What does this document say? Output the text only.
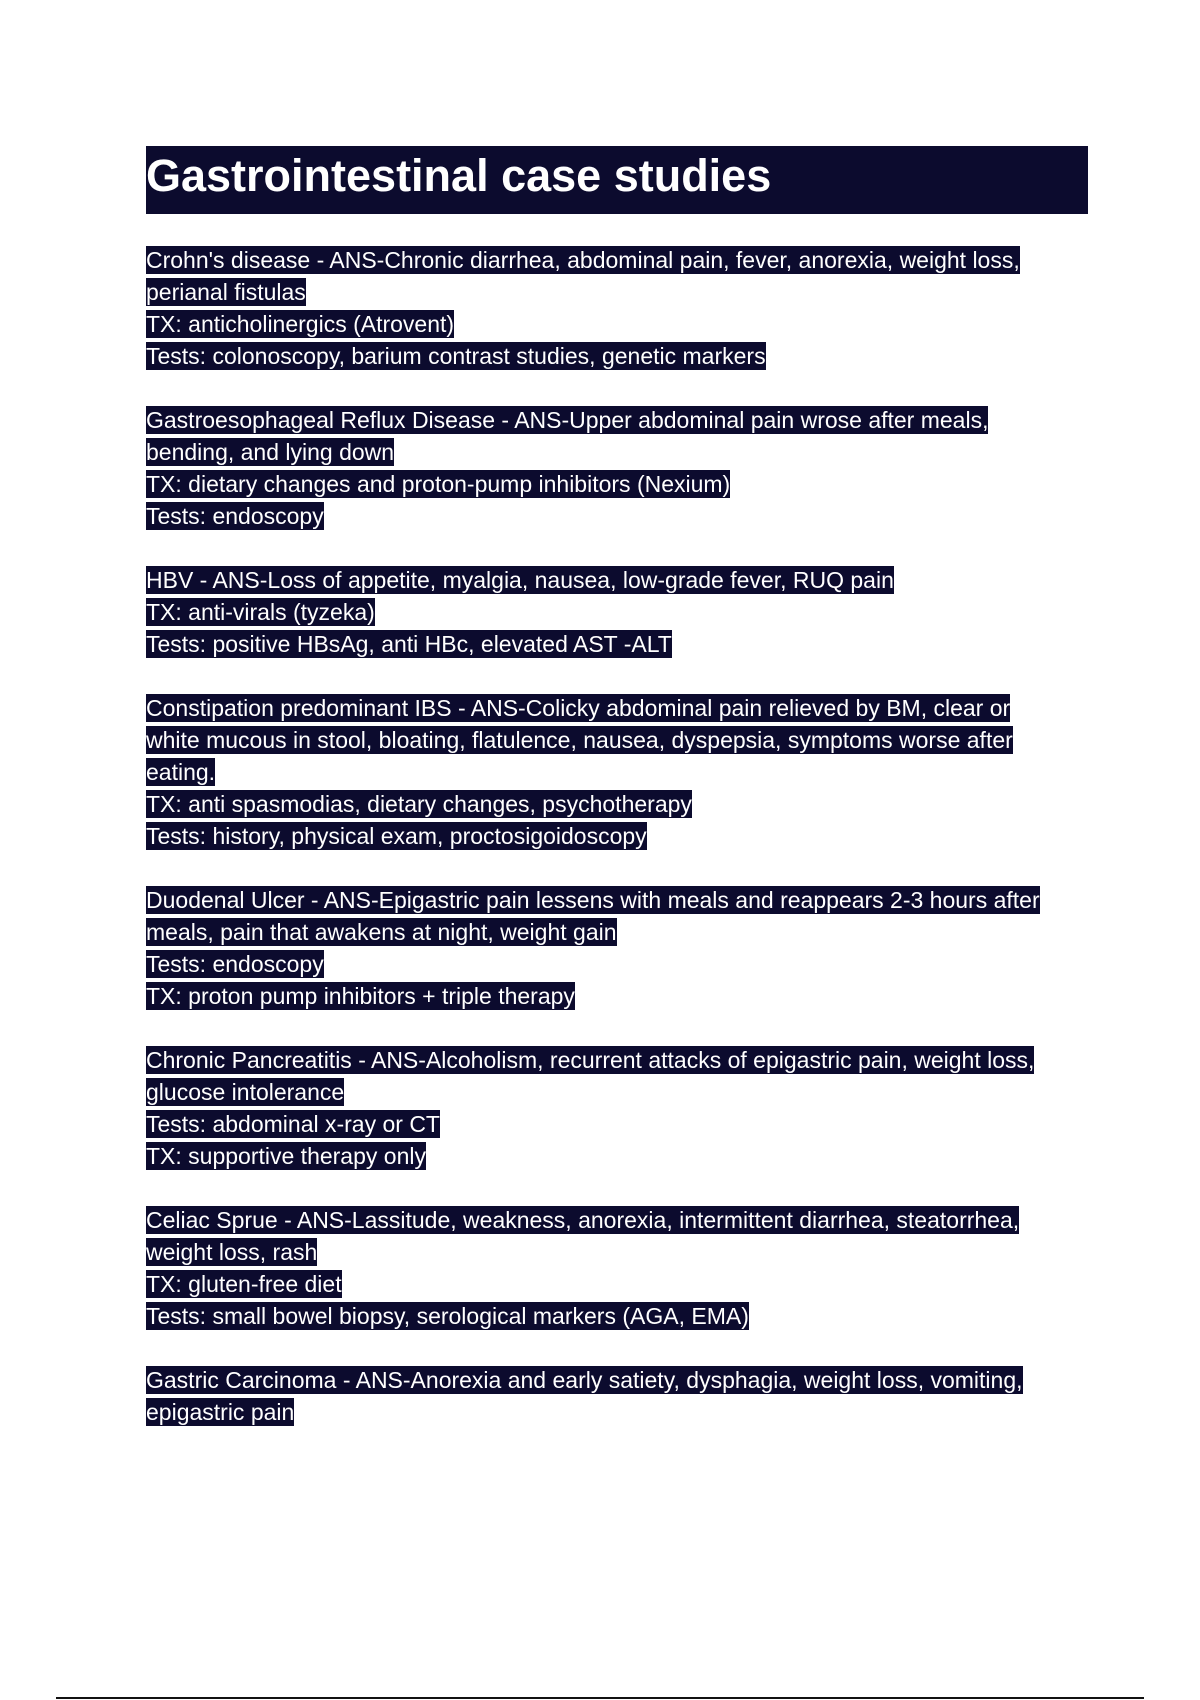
Gastrointestinal case studies
Crohn's disease - ANS-Chronic diarrhea, abdominal pain, fever, anorexia, weight loss,
perianal fistulas
TX: anticholinergics (Atrovent)
Tests: colonoscopy, barium contrast studies, genetic markers
Gastroesophageal Reflux Disease - ANS-Upper abdominal pain wrose after meals,
bending, and lying down
TX: dietary changes and proton-pump inhibitors (Nexium)
Tests: endoscopy
HBV - ANS-Loss of appetite, myalgia, nausea, low-grade fever, RUQ pain
TX: anti-virals (tyzeka)
Tests: positive HBsAg, anti HBc, elevated AST -ALT
Constipation predominant IBS - ANS-Colicky abdominal pain relieved by BM, clear or
white mucous in stool, bloating, flatulence, nausea, dyspepsia, symptoms worse after
eating.
TX: anti spasmodias, dietary changes, psychotherapy
Tests: history, physical exam, proctosigoidoscopy
Duodenal Ulcer - ANS-Epigastric pain lessens with meals and reappears 2-3 hours after
meals, pain that awakens at night, weight gain
Tests: endoscopy
TX: proton pump inhibitors + triple therapy
Chronic Pancreatitis - ANS-Alcoholism, recurrent attacks of epigastric pain, weight loss,
glucose intolerance
Tests: abdominal x-ray or CT
TX: supportive therapy only
Celiac Sprue - ANS-Lassitude, weakness, anorexia, intermittent diarrhea, steatorrhea,
weight loss, rash
TX: gluten-free diet
Tests: small bowel biopsy, serological markers (AGA, EMA)
Gastric Carcinoma - ANS-Anorexia and early satiety, dysphagia, weight loss, vomiting,
epigastric pain
